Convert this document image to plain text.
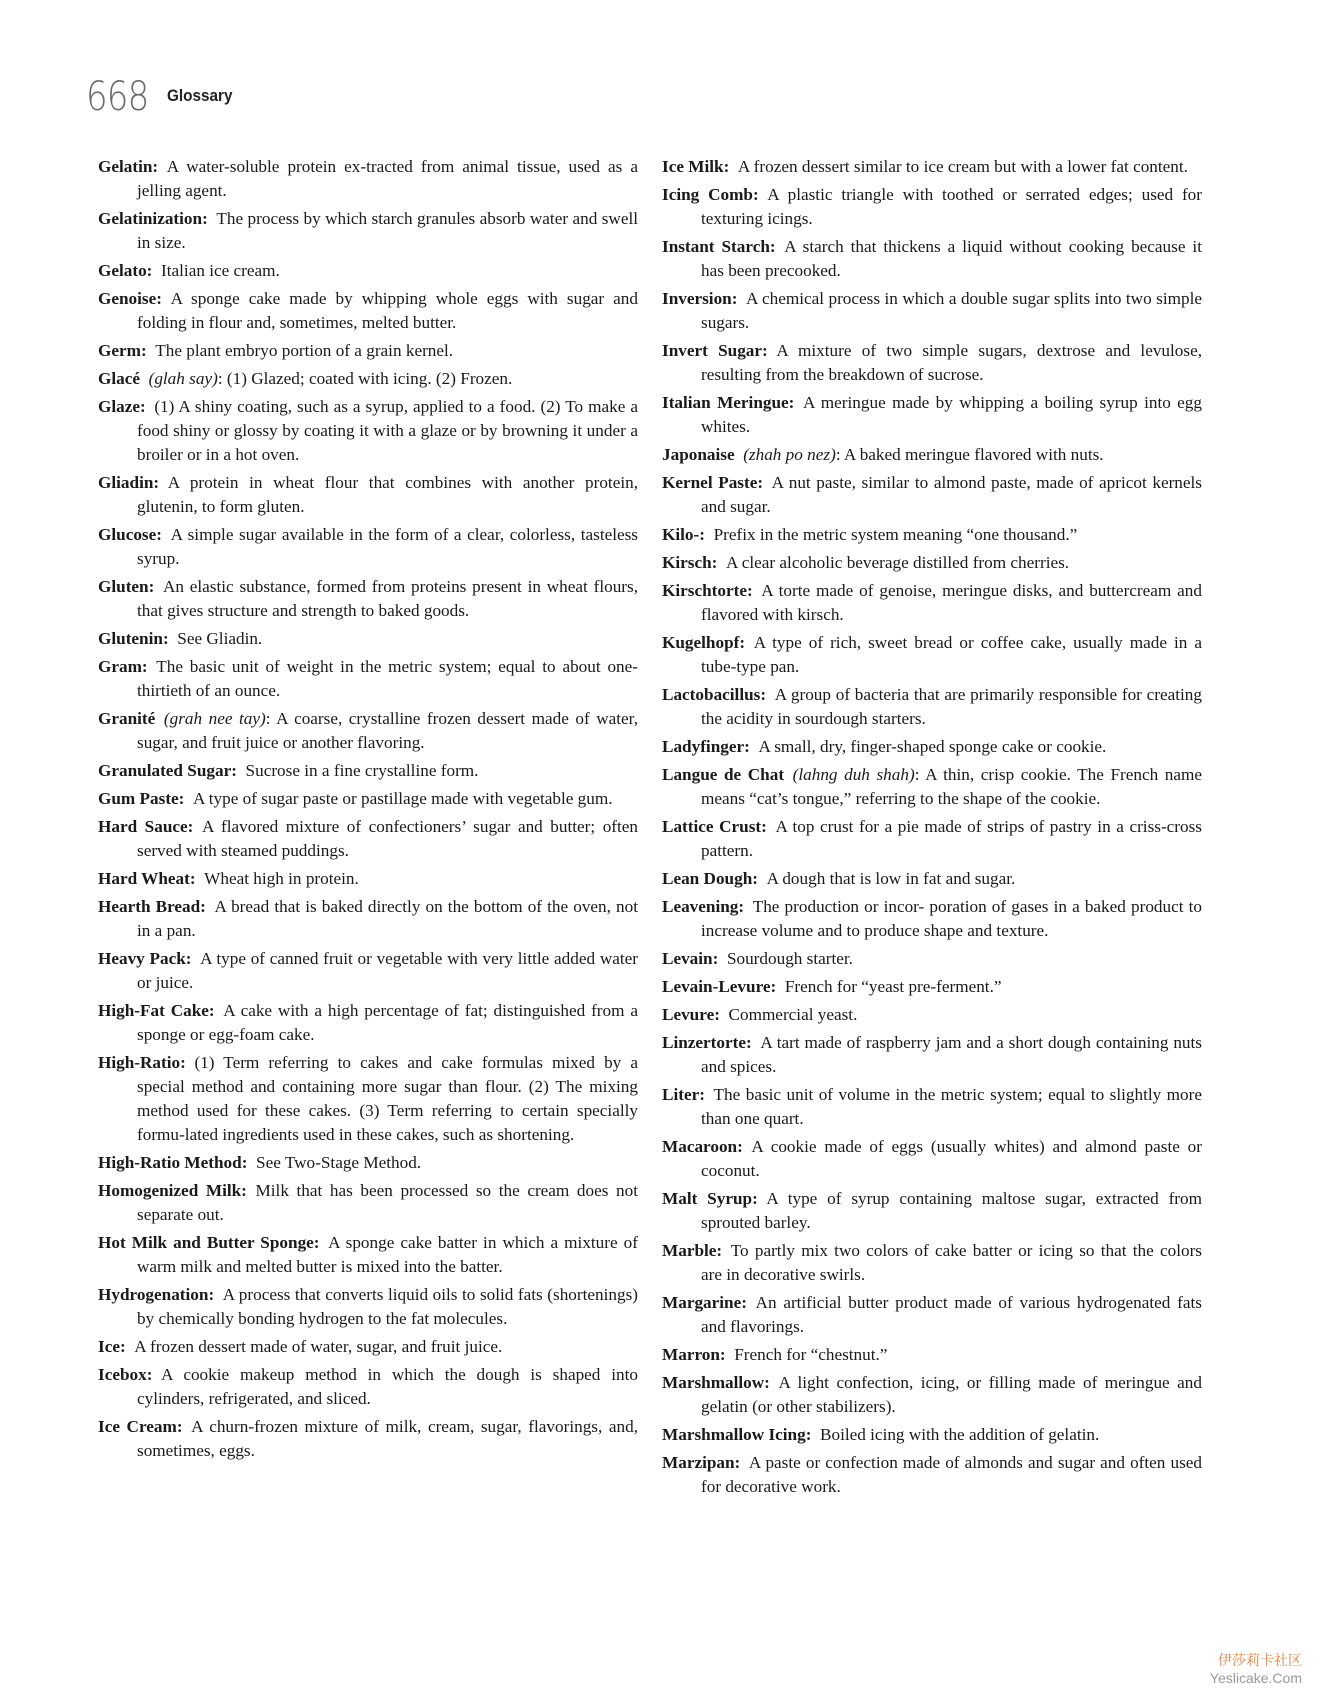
668 Glossary

Gelatin:  A water-soluble protein ex-tracted from animal tissue, used as a jelling agent.

Gelatinization:  The process by which starch granules absorb water and swell in size.

Gelato:  Italian ice cream.

Genoise:  A sponge cake made by whipping whole eggs with sugar and folding in flour and, sometimes, melted butter.

Germ:  The plant embryo portion of a grain kernel.

Glacé  (glah say): (1) Glazed; coated with icing. (2) Frozen.

Glaze:  (1) A shiny coating, such as a syrup, applied to a food. (2) To make a food shiny or glossy by coating it with a glaze or by browning it under a broiler or in a hot oven.

Gliadin:  A protein in wheat flour that combines with another protein, glutenin, to form gluten.

Glucose:  A simple sugar available in the form of a clear, colorless, tasteless syrup.

Gluten:  An elastic substance, formed from proteins present in wheat flours, that gives structure and strength to baked goods.

Glutenin:  See Gliadin.

Gram:  The basic unit of weight in the metric system; equal to about one-thirtieth of an ounce.

Granité  (grah nee tay): A coarse, crystalline frozen dessert made of water, sugar, and fruit juice or another flavoring.

Granulated Sugar:  Sucrose in a fine crystalline form.

Gum Paste:  A type of sugar paste or pastillage made with vegetable gum.

Hard Sauce:  A flavored mixture of confectioners’ sugar and butter; often served with steamed puddings.

Hard Wheat:  Wheat high in protein.

Hearth Bread:  A bread that is baked directly on the bottom of the oven, not in a pan.

Heavy Pack:  A type of canned fruit or vegetable with very little added water or juice.

High-Fat Cake:  A cake with a high percentage of fat; distinguished from a sponge or egg-foam cake.

High-Ratio:  (1) Term referring to cakes and cake formulas mixed by a special method and containing more sugar than flour. (2) The mixing method used for these cakes. (3) Term referring to certain specially formu-lated ingredients used in these cakes, such as shortening.

High-Ratio Method:  See Two-Stage Method.

Homogenized Milk:  Milk that has been processed so the cream does not separate out.

Hot Milk and Butter Sponge:  A sponge cake batter in which a mixture of warm milk and melted butter is mixed into the batter.

Hydrogenation:  A process that converts liquid oils to solid fats (shortenings) by chemically bonding hydrogen to the fat molecules.

Ice:  A frozen dessert made of water, sugar, and fruit juice.

Icebox:  A cookie makeup method in which the dough is shaped into cylinders, refrigerated, and sliced.

Ice Cream:  A churn-frozen mixture of milk, cream, sugar, flavorings, and, sometimes, eggs.

Ice Milk:  A frozen dessert similar to ice cream but with a lower fat content.

Icing Comb:  A plastic triangle with toothed or serrated edges; used for texturing icings.

Instant Starch:  A starch that thickens a liquid without cooking because it has been precooked.

Inversion:  A chemical process in which a double sugar splits into two simple sugars.

Invert Sugar:  A mixture of two simple sugars, dextrose and levulose, resulting from the breakdown of sucrose.

Italian Meringue:  A meringue made by whipping a boiling syrup into egg whites.

Japonaise  (zhah po nez): A baked meringue flavored with nuts.

Kernel Paste:  A nut paste, similar to almond paste, made of apricot kernels and sugar.

Kilo-:  Prefix in the metric system meaning “one thousand.”

Kirsch:  A clear alcoholic beverage distilled from cherries.

Kirschtorte:  A torte made of genoise, meringue disks, and buttercream and flavored with kirsch.

Kugelhopf:  A type of rich, sweet bread or coffee cake, usually made in a tube-type pan.

Lactobacillus:  A group of bacteria that are primarily responsible for creating the acidity in sourdough starters.

Ladyfinger:  A small, dry, finger-shaped sponge cake or cookie.

Langue de Chat  (lahng duh shah): A thin, crisp cookie. The French name means “cat’s tongue,” referring to the shape of the cookie.

Lattice Crust:  A top crust for a pie made of strips of pastry in a criss-cross pattern.

Lean Dough:  A dough that is low in fat and sugar.

Leavening:  The production or incor- poration of gases in a baked product to increase volume and to produce shape and texture.

Levain:  Sourdough starter.

Levain-Levure:  French for “yeast pre-ferment.”

Levure:  Commercial yeast.

Linzertorte:  A tart made of raspberry jam and a short dough containing nuts and spices.

Liter:  The basic unit of volume in the metric system; equal to slightly more than one quart.

Macaroon:  A cookie made of eggs (usually whites) and almond paste or coconut.

Malt Syrup:  A type of syrup containing maltose sugar, extracted from sprouted barley.

Marble:  To partly mix two colors of cake batter or icing so that the colors are in decorative swirls.

Margarine:  An artificial butter product made of various hydrogenated fats and flavorings.

Marron:  French for “chestnut.”

Marshmallow:  A light confection, icing, or filling made of meringue and gelatin (or other stabilizers).

Marshmallow Icing:  Boiled icing with the addition of gelatin.

Marzipan:  A paste or confection made of almonds and sugar and often used for decorative work.

伊莎莉卡社区
Yeslicake.Com
